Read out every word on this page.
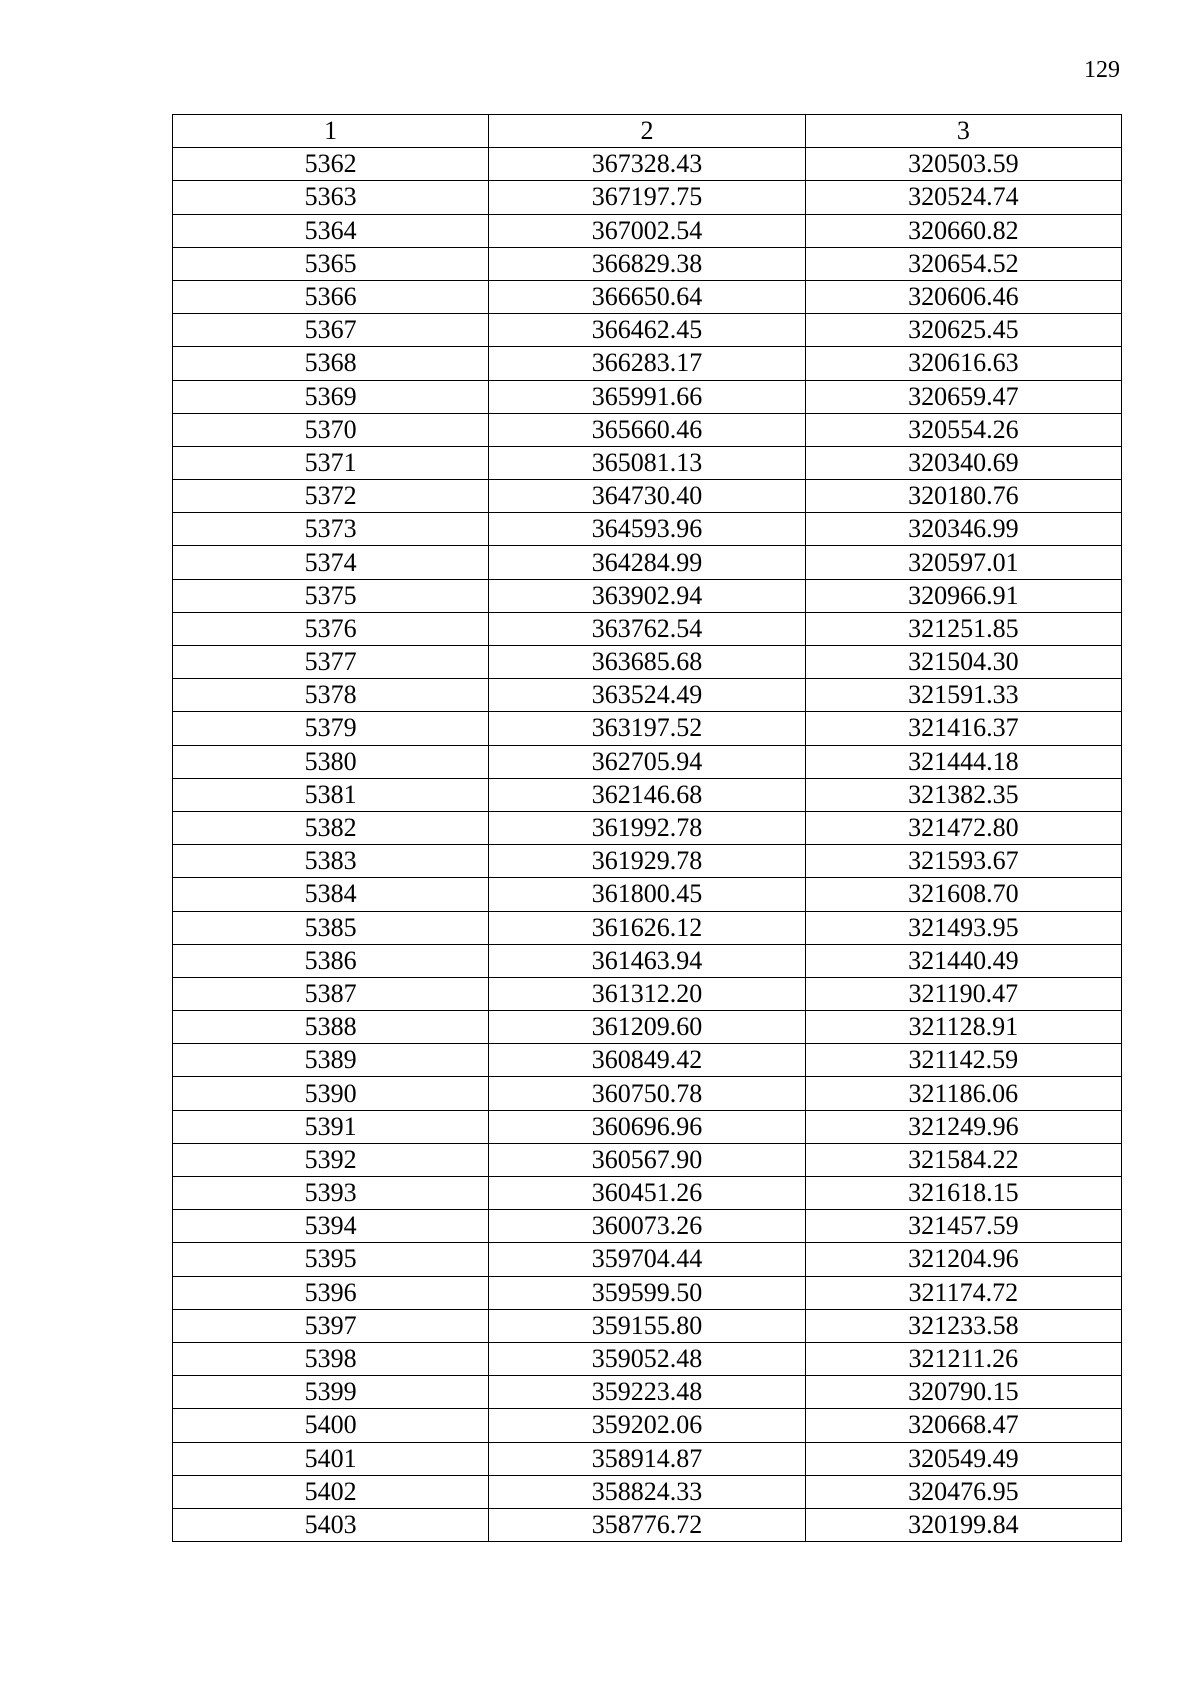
129
1	2	3
5362	367328.43	320503.59
5363	367197.75	320524.74
5364	367002.54	320660.82
5365	366829.38	320654.52
5366	366650.64	320606.46
5367	366462.45	320625.45
5368	366283.17	320616.63
5369	365991.66	320659.47
5370	365660.46	320554.26
5371	365081.13	320340.69
5372	364730.40	320180.76
5373	364593.96	320346.99
5374	364284.99	320597.01
5375	363902.94	320966.91
5376	363762.54	321251.85
5377	363685.68	321504.30
5378	363524.49	321591.33
5379	363197.52	321416.37
5380	362705.94	321444.18
5381	362146.68	321382.35
5382	361992.78	321472.80
5383	361929.78	321593.67
5384	361800.45	321608.70
5385	361626.12	321493.95
5386	361463.94	321440.49
5387	361312.20	321190.47
5388	361209.60	321128.91
5389	360849.42	321142.59
5390	360750.78	321186.06
5391	360696.96	321249.96
5392	360567.90	321584.22
5393	360451.26	321618.15
5394	360073.26	321457.59
5395	359704.44	321204.96
5396	359599.50	321174.72
5397	359155.80	321233.58
5398	359052.48	321211.26
5399	359223.48	320790.15
5400	359202.06	320668.47
5401	358914.87	320549.49
5402	358824.33	320476.95
5403	358776.72	320199.84
